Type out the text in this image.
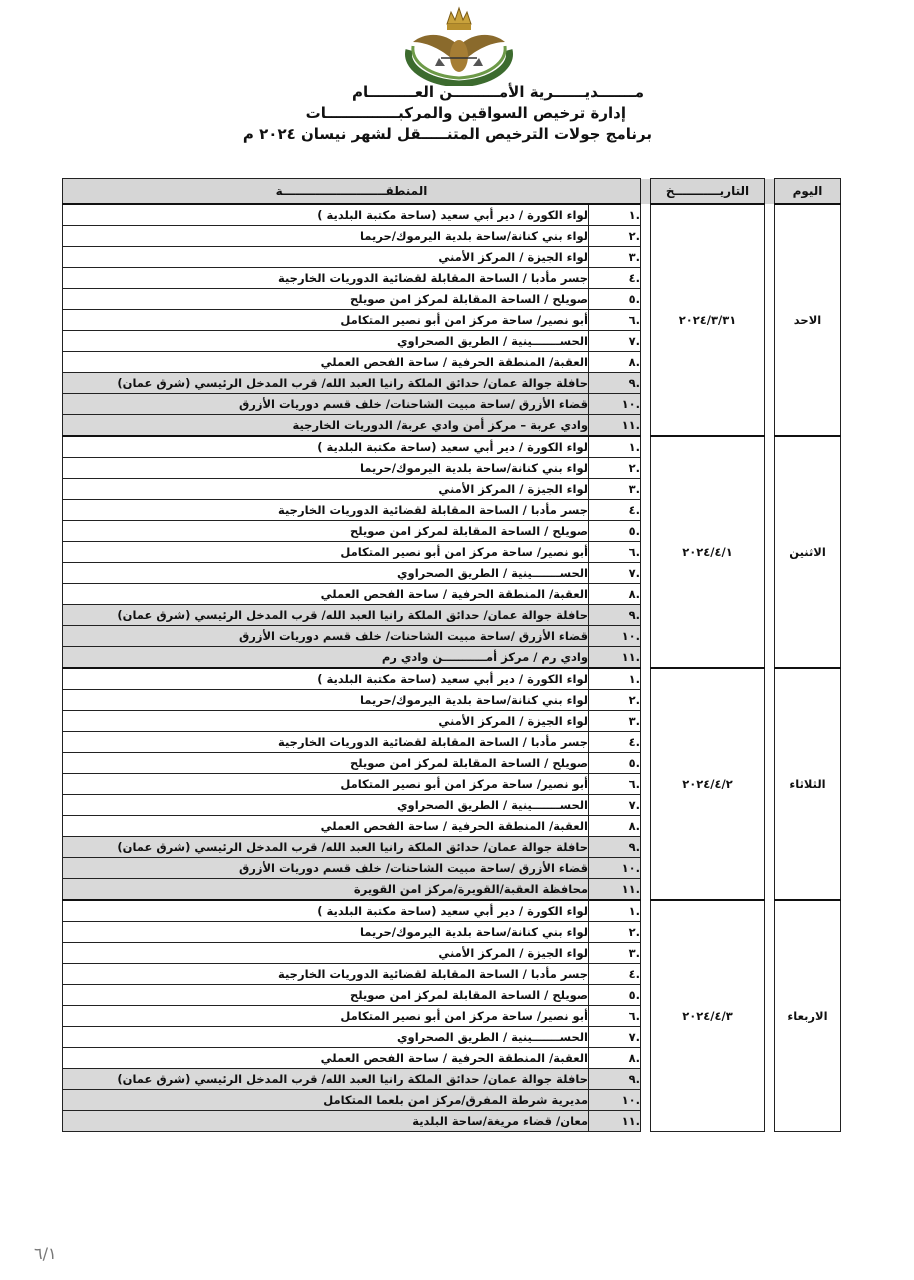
مـــــــديــــــرية الأمـــــــــن العـــــــــام
إدارة ترخيص السواقين والمركبــــــــــــــات
برنامج جولات الترخيص المتنـــــقل لشهر نيسان ٢٠٢٤ م
اليوم		التاريـــــــــــخ		المنطقـــــــــــــــــــــــــة	
الاحد		٢٠٢٤/٣/٣١		.١	لواء الكورة / دير أبي سعيد (ساحة مكتبة البلدية )
				.٢	لواء بني كنانة/ساحة بلدية اليرموك/حريما
				.٣	لواء الجيزة / المركز الأمني
				.٤	جسر مأدبا / الساحة المقابلة لقضائية الدوريات الخارجية
				.٥	صويلح / الساحة المقابلة لمركز امن صويلح
				.٦	أبو نصير/ ساحة مركز امن أبو نصير المتكامل
				.٧	الحســـــــينية / الطريق الصحراوي
				.٨	العقبة/ المنطقة الحرفية / ساحة الفحص العملي
				.٩	حافلة جوالة عمان/ حدائق الملكة رانيا العبد الله/ قرب المدخل الرئيسي (شرق عمان)
				.١٠	قضاء الأزرق /ساحة مبيت الشاحنات/ خلف قسم دوريات الأزرق
				.١١	وادي عربة – مركز أمن وادي عربة/ الدوريات الخارجية
الاثنين		٢٠٢٤/٤/١		.١	لواء الكورة / دير أبي سعيد (ساحة مكتبة البلدية )
				.٢	لواء بني كنانة/ساحة بلدية اليرموك/حريما
				.٣	لواء الجيزة / المركز الأمني
				.٤	جسر مأدبا / الساحة المقابلة لقضائية الدوريات الخارجية
				.٥	صويلح / الساحة المقابلة لمركز امن صويلح
				.٦	أبو نصير/ ساحة مركز امن أبو نصير المتكامل
				.٧	الحســـــــينية / الطريق الصحراوي
				.٨	العقبة/ المنطقة الحرفية / ساحة الفحص العملي
				.٩	حافلة جوالة عمان/ حدائق الملكة رانيا العبد الله/ قرب المدخل الرئيسي (شرق عمان)
				.١٠	قضاء الأزرق /ساحة مبيت الشاحنات/ خلف قسم دوريات الأزرق
				.١١	وادي رم / مركز أمـــــــــــن وادي رم
الثلاثاء		٢٠٢٤/٤/٢		.١	لواء الكورة / دير أبي سعيد (ساحة مكتبة البلدية )
				.٢	لواء بني كنانة/ساحة بلدية اليرموك/حريما
				.٣	لواء الجيزة / المركز الأمني
				.٤	جسر مأدبا / الساحة المقابلة لقضائية الدوريات الخارجية
				.٥	صويلح / الساحة المقابلة لمركز امن صويلح
				.٦	أبو نصير/ ساحة مركز امن أبو نصير المتكامل
				.٧	الحســـــــينية / الطريق الصحراوي
				.٨	العقبة/ المنطقة الحرفية / ساحة الفحص العملي
				.٩	حافلة جوالة عمان/ حدائق الملكة رانيا العبد الله/ قرب المدخل الرئيسي (شرق عمان)
				.١٠	قضاء الأزرق /ساحة مبيت الشاحنات/ خلف قسم دوريات الأزرق
				.١١	محافظة العقبة/القويرة/مركز امن القويرة
الاربعاء		٢٠٢٤/٤/٣		.١	لواء الكورة / دير أبي سعيد (ساحة مكتبة البلدية )
				.٢	لواء بني كنانة/ساحة بلدية اليرموك/حريما
				.٣	لواء الجيزة / المركز الأمني
				.٤	جسر مأدبا / الساحة المقابلة لقضائية الدوريات الخارجية
				.٥	صويلح / الساحة المقابلة لمركز امن صويلح
				.٦	أبو نصير/ ساحة مركز امن أبو نصير المتكامل
				.٧	الحســـــــينية / الطريق الصحراوي
				.٨	العقبة/ المنطقة الحرفية / ساحة الفحص العملي
				.٩	حافلة جوالة عمان/ حدائق الملكة رانيا العبد الله/ قرب المدخل الرئيسي (شرق عمان)
				.١٠	مديرية شرطة المفرق/مركز امن بلعما المتكامل
				.١١	معان/ قضاء مريغة/ساحة البلدية
٦/١
